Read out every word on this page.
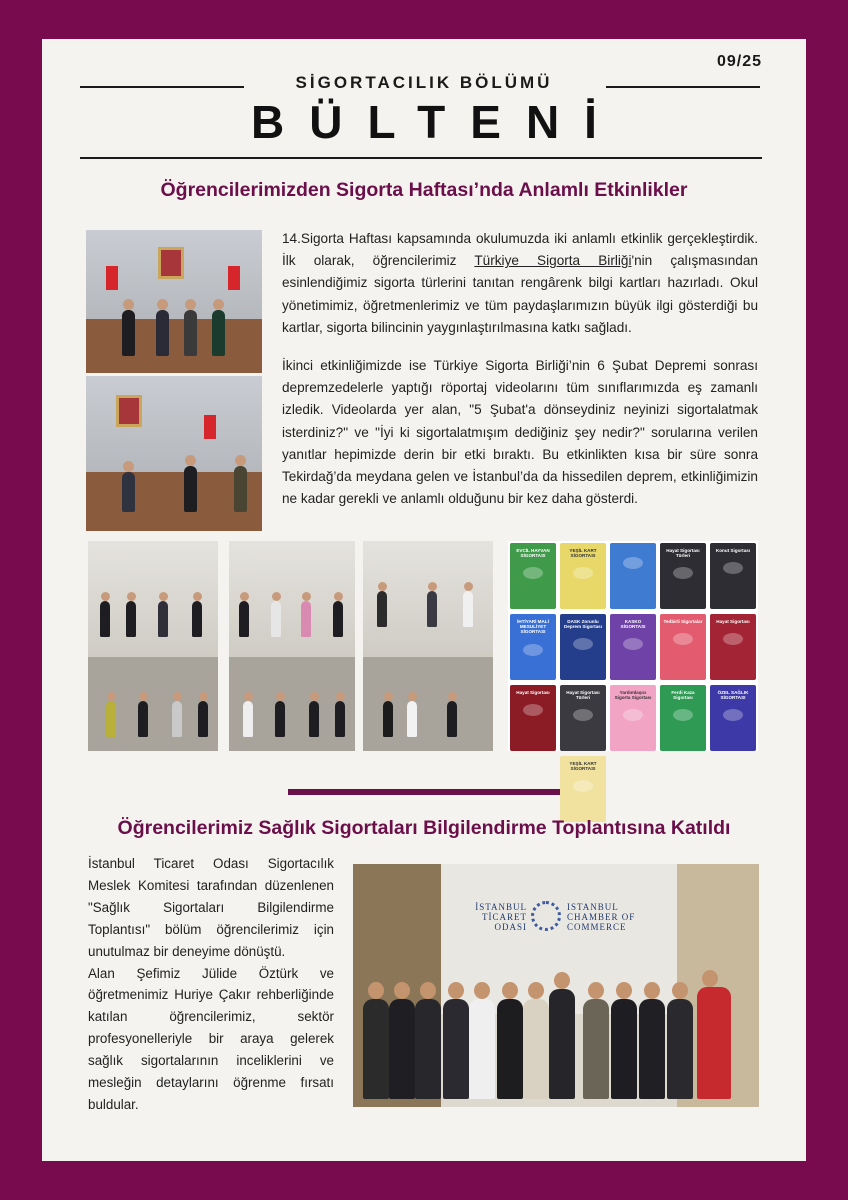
09/25
SİGORTACILIK BÖLÜMÜ
BÜLTENİ
Öğrencilerimizden Sigorta Haftası’nda Anlamlı Etkinlikler

14.Sigorta Haftası kapsamında okulumuzda iki anlamlı etkinlik gerçekleştirdik. İlk olarak, öğrencilerimiz Türkiye Sigorta Birliği'nin çalışmasından esinlendiğimiz sigorta türlerini tanıtan rengârenk bilgi kartları hazırladı. Okul yönetimimiz, öğretmenlerimiz ve tüm paydaşlarımızın büyük ilgi gösterdiği bu kartlar, sigorta bilincinin yaygınlaştırılmasına katkı sağladı.

İkinci etkinliğimizde ise Türkiye Sigorta Birliği’nin 6 Şubat Depremi sonrası depremzedelerle yaptığı röportaj videolarını tüm sınıflarımızda eş zamanlı izledik. Videolarda yer alan, "5 Şubat'a dönseydiniz neyinizi sigortalatmak isterdiniz?" ve "İyi ki sigortalatmışım dediğiniz şey nedir?" sorularına verilen yanıtlar hepimizde derin bir etki bıraktı. Bu etkinlikten kısa bir süre sonra Tekirdağ’da meydana gelen ve İstanbul’da da hissedilen deprem, etkinliğimizin ne kadar gerekli ve anlamlı olduğunu bir kez daha gösterdi.

EVCİL HAYVAN SİGORTASI
YEŞİL KART SİGORTASI
Hayat Sigortası Türleri
Konut Sigortası
İHTİYARİ MALİ MESULİYET SİGORTASI
DASK Zorunlu Deprem Sigortası
KASKO SİGORTASI
Tedbirli Sigortalar	Hayat Sigortası
Hayat Sigortası	Hayat Sigortası Türleri
Yardımlaşıcı Sigorta Sigortası
Ferdi Kaza Sigortası
ÖZEL SAĞLIK SİGORTASI
YEŞİL KART SİGORTASI
Öğrencilerimiz Sağlık Sigortaları Bilgilendirme Toplantısına Katıldı

İstanbul Ticaret Odası Sigortacılık Meslek Komitesi tarafından düzenlenen "Sağlık Sigortaları Bilgilendirme Toplantısı" bölüm öğrencilerimiz için unutulmaz bir deneyime dönüştü.

Alan Şefimiz Jülide Öztürk ve öğretmenimiz Huriye Çakır rehberliğinde katılan öğrencilerimiz, sektör profesyonelleriyle bir araya gelerek sağlık sigortalarının inceliklerini ve mesleğin detaylarını öğrenme fırsatı buldular.

İSTANBUL
TİCARET
ODASI
ISTANBUL
CHAMBER OF
COMMERCE
